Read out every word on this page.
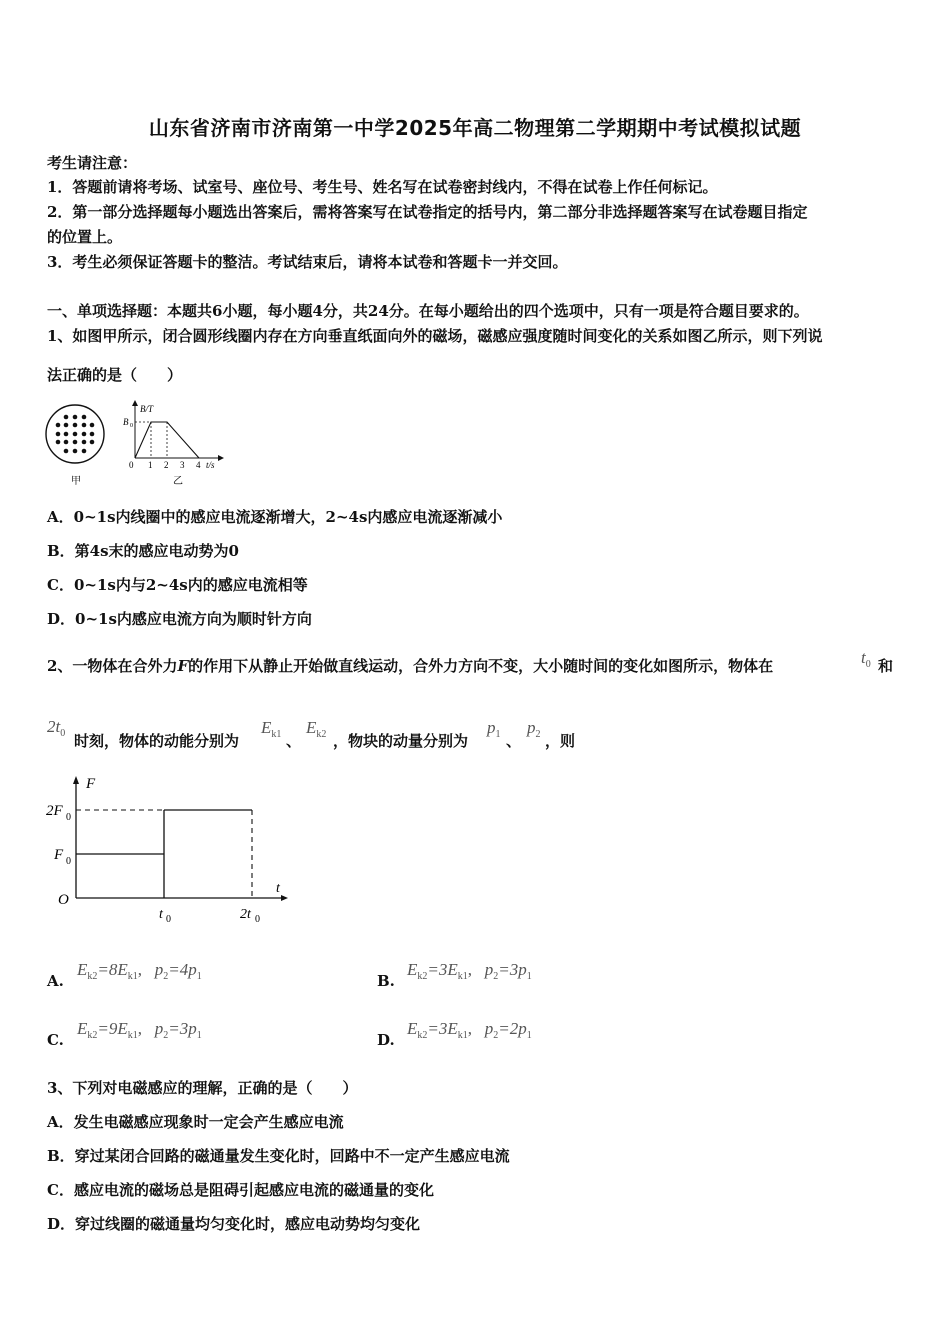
山东省济南市济南第一中学2025年高二物理第二学期期中考试模拟试题
考生请注意：
1．答题前请将考场、试室号、座位号、考生号、姓名写在试卷密封线内，不得在试卷上作任何标记。
2．第一部分选择题每小题选出答案后，需将答案写在试卷指定的括号内，第二部分非选择题答案写在试卷题目指定
的位置上。
3．考生必须保证答题卡的整洁。考试结束后，请将本试卷和答题卡一并交回。
一、单项选择题：本题共6小题，每小题4分，共24分。在每小题给出的四个选项中，只有一项是符合题目要求的。
1、如图甲所示，闭合圆形线圈内存在方向垂直纸面向外的磁场，磁感应强度随时间变化的关系如图乙所示，则下列说
法正确的是（　　）
甲
B/T
B 0
0 1 2 3 4 t/s
乙
A．0~1s内线圈中的感应电流逐渐增大，2~4s内感应电流逐渐减小
B．第4s末的感应电动势为0
C．0~1s内与2~4s内的感应电流相等
D．0~1s内感应电流方向为顺时针方向
2、一物体在合外力F的作用下从静止开始做直线运动，合外力方向不变，大小随时间的变化如图所示，物体在	$t_0$ 和
$2t_0$ 时刻，物体的动能分别为
$E_{k1}$ 、
$E_{k2}$ ，物块的动量分别为
$p_1$ 、
$p_2$ ，则
F
t
O
2F 0
F 0
t 0	2t 0
A.
$E_{k2}=8E_{k1}$,   $p_2=4p_1$	B.
$E_{k2}=3E_{k1}$,   $p_2=3p_1$
C.
$E_{k2}=9E_{k1}$,   $p_2=3p_1$	D.
$E_{k2}=3E_{k1}$,   $p_2=2p_1$
3、下列对电磁感应的理解，正确的是（　　）
A．发生电磁感应现象时一定会产生感应电流
B．穿过某闭合回路的磁通量发生变化时，回路中不一定产生感应电流
C．感应电流的磁场总是阻碍引起感应电流的磁通量的变化
D．穿过线圈的磁通量均匀变化时，感应电动势均匀变化
